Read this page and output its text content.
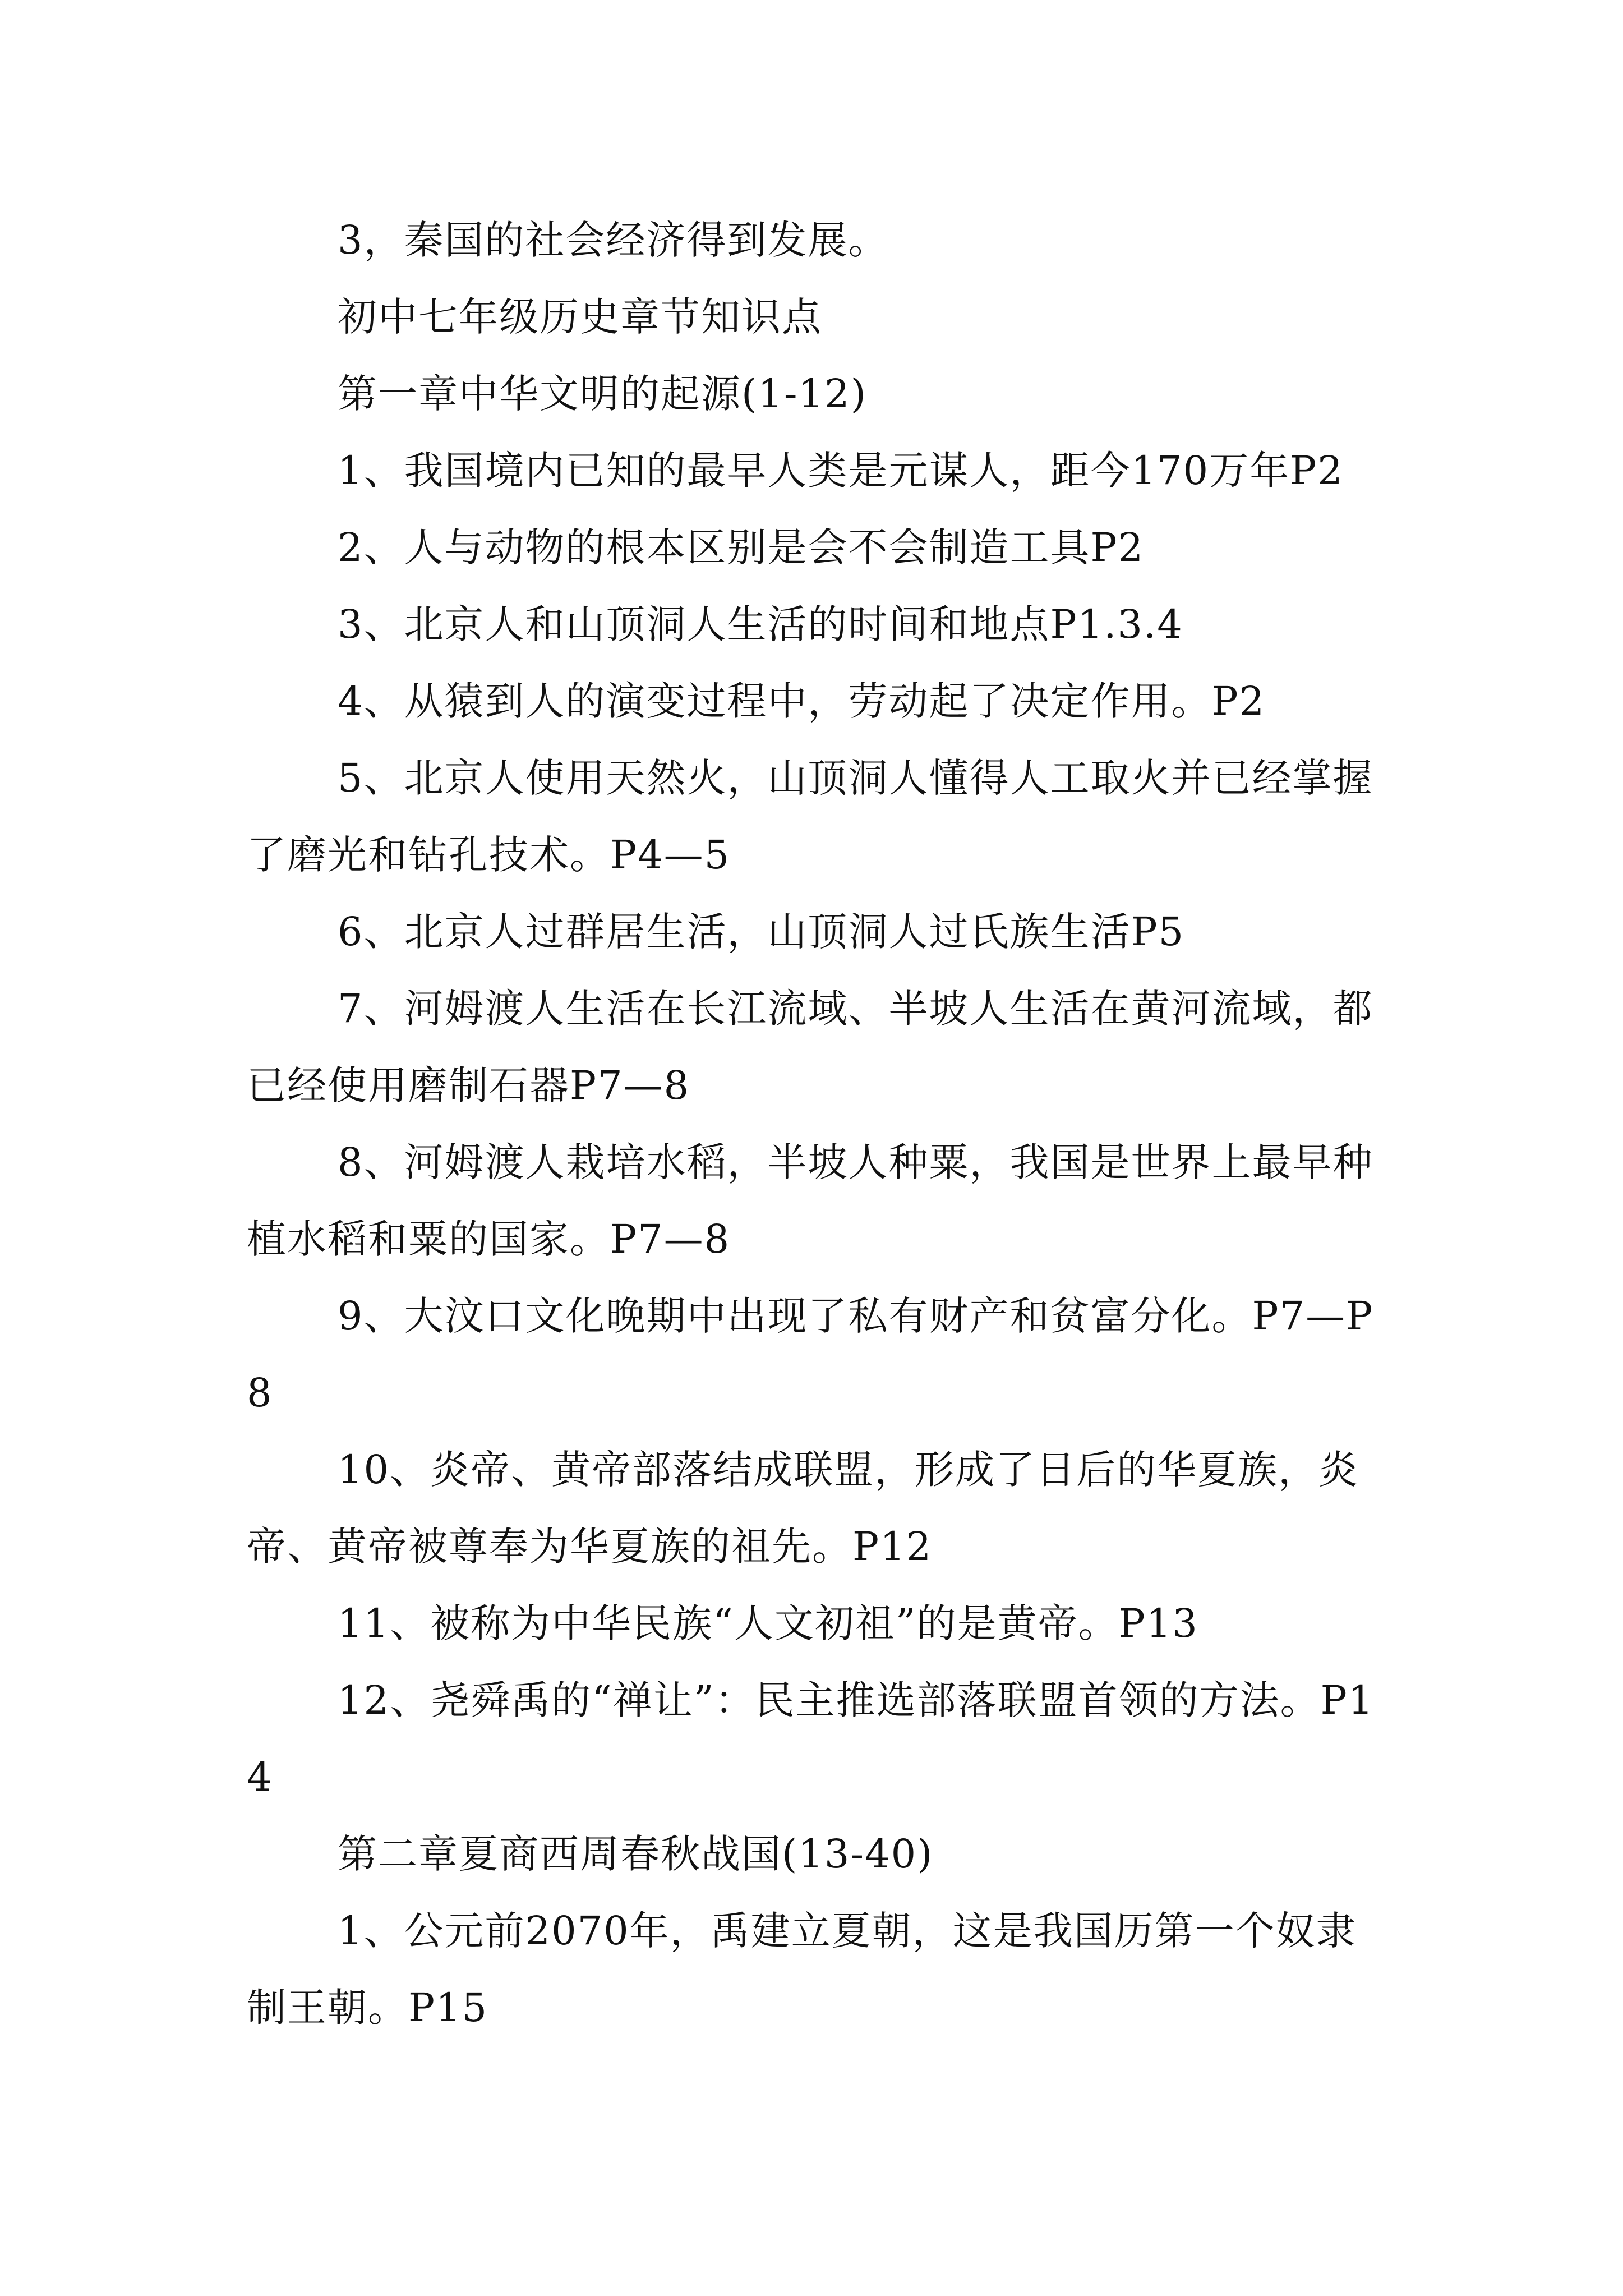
3，秦国的社会经济得到发展。

初中七年级历史章节知识点

第一章中华文明的起源(1-12)

1、我国境内已知的最早人类是元谋人，距今170万年P2

2、人与动物的根本区别是会不会制造工具P2

3、北京人和山顶洞人生活的时间和地点P1.3.4

4、从猿到人的演变过程中，劳动起了决定作用。P2

5、北京人使用天然火，山顶洞人懂得人工取火并已经掌握了磨光和钻孔技术。P4—5

6、北京人过群居生活，山顶洞人过氏族生活P5

7、河姆渡人生活在长江流域、半坡人生活在黄河流域，都已经使用磨制石器P7—8

8、河姆渡人栽培水稻，半坡人种粟，我国是世界上最早种植水稻和粟的国家。P7—8

9、大汶口文化晚期中出现了私有财产和贫富分化。P7—P8

10、炎帝、黄帝部落结成联盟，形成了日后的华夏族，炎帝、黄帝被尊奉为华夏族的祖先。P12

11、被称为中华民族“人文初祖”的是黄帝。P13

12、尧舜禹的“禅让”：民主推选部落联盟首领的方法。P14

第二章夏商西周春秋战国(13-40)

1、公元前2070年，禹建立夏朝，这是我国历第一个奴隶制王朝。P15
